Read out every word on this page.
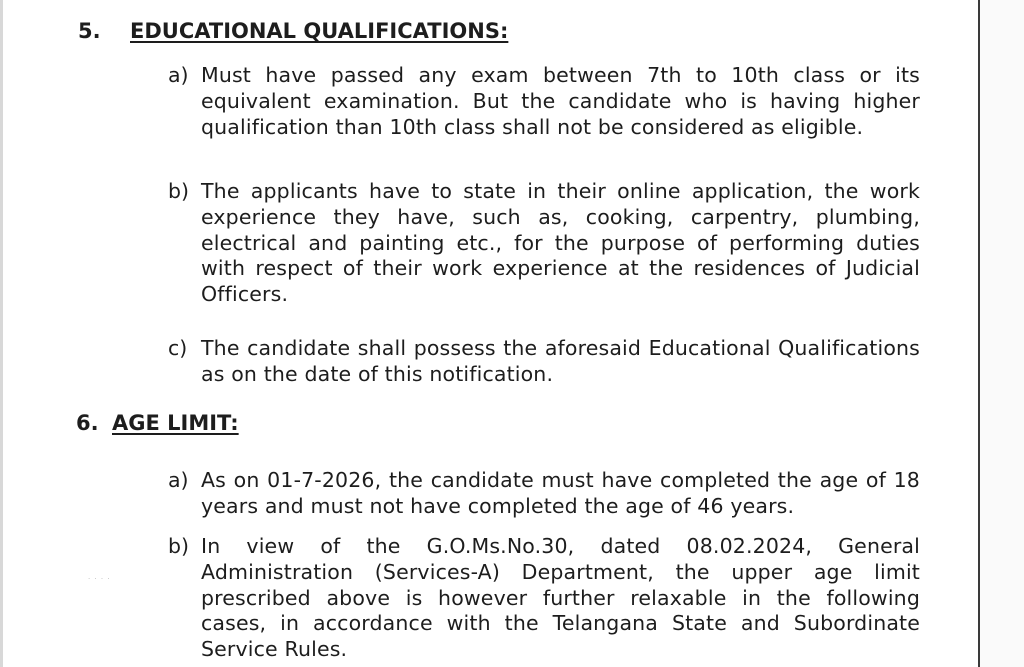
5. EDUCATIONAL QUALIFICATIONS:
a) Must have passed any exam between 7th to 10th class or its equivalent examination. But the candidate who is having higher qualification than 10th class shall not be considered as eligible.
b) The applicants have to state in their online application, the work experience they have, such as, cooking, carpentry, plumbing, electrical and painting etc., for the purpose of performing duties with respect of their work experience at the residences of Judicial Officers.
c) The candidate shall possess the aforesaid Educational Qualifications as on the date of this notification.
6. AGE LIMIT:
a) As on 01-7-2026, the candidate must have completed the age of 18 years and must not have completed the age of 46 years.
b) In view of the G.O.Ms.No.30, dated 08.02.2024, General Administration (Services-A) Department, the upper age limit prescribed above is however further relaxable in the following cases, in accordance with the Telangana State and Subordinate Service Rules.
· · · ·
